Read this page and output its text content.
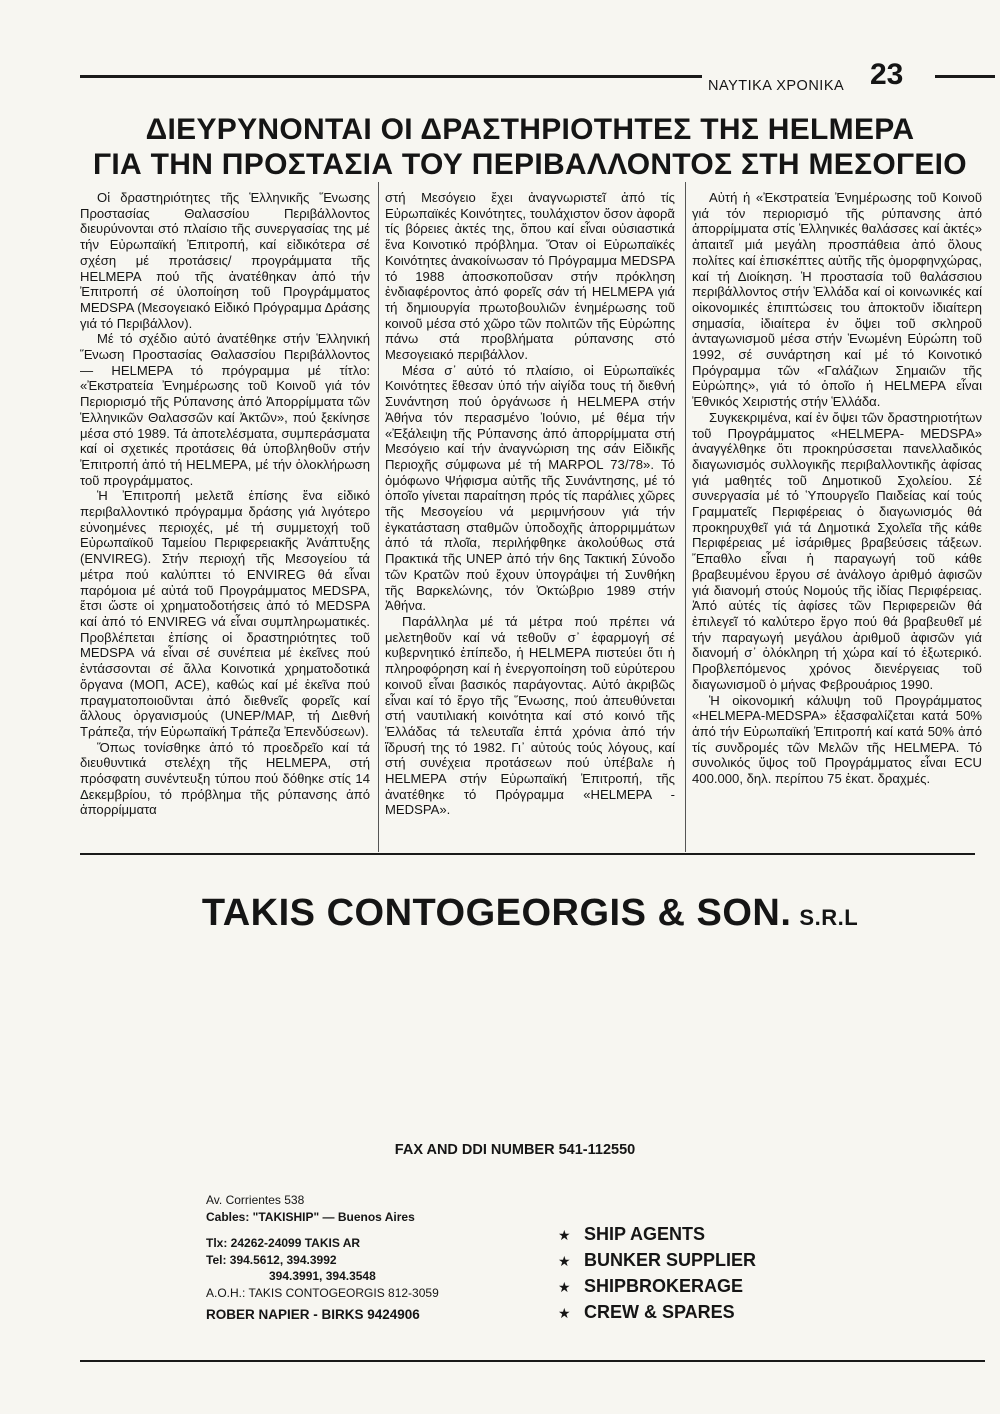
ΝΑΥΤΙΚΑ ΧΡΟΝΙΚΑ 23
ΔΙΕΥΡΥΝΟΝΤΑΙ ΟΙ ΔΡΑΣΤΗΡΙΟΤΗΤΕΣ ΤΗΣ HELMEPA
ΓΙΑ ΤΗΝ ΠΡΟΣΤΑΣΙΑ ΤΟΥ ΠΕΡΙΒΑΛΛΟΝΤΟΣ ΣΤΗ ΜΕΣΟΓΕΙΟ

Οἱ δραστηριότητες τῆς Ἑλληνικῆς Ἕνωσης Προστασίας Θαλασσίου Περιβάλλοντος διευρύνονται στό πλαίσιο τῆς συνεργασίας της μέ τήν Εὐρωπαϊκή Ἐπιτροπή, καί εἰδικότερα σέ σχέση μέ προτάσεις/ προγράμματα τῆς HELMEPA πού τῆς ἀνατέθηκαν ἀπό τήν Ἐπιτροπή σέ ὑλοποίηση τοῦ Προγράμματος MEDSPA (Μεσογειακό Εἰδικό Πρόγραμμα Δράσης γιά τό Περιβάλλον).

Μέ τό σχέδιο αὐτό ἀνατέθηκε στήν Ἑλληνική Ἕνωση Προστασίας Θαλασσίου Περιβάλλοντος — HELMEPA τό πρόγραμμα μέ τίτλο: «Ἐκστρατεία Ἐνημέρωσης τοῦ Κοινοῦ γιά τόν Περιορισμό τῆς Ρύπανσης ἀπό Ἀπορρίμματα τῶν Ἑλληνικῶν Θαλασσῶν καί Ἀκτῶν», πού ξεκίνησε μέσα στό 1989. Τά ἀποτελέσματα, συμπεράσματα καί οἱ σχετικές προτάσεις θά ὑποβληθοῦν στήν Ἐπιτροπή ἀπό τή HELMEPA, μέ τήν ὁλοκλήρωση τοῦ προγράμματος.

Ἡ Ἐπιτροπή μελετᾶ ἐπίσης ἕνα εἰδικό περιβαλλοντικό πρόγραμμα δράσης γιά λιγότερο εὐνοημένες περιοχές, μέ τή συμμετοχή τοῦ Εὐρωπαϊκοῦ Ταμείου Περιφερειακῆς Ἀνάπτυξης (ENVIREG). Στήν περιοχή τῆς Μεσογείου τά μέτρα πού καλύπτει τό ENVIREG θά εἶναι παρόμοια μέ αὐτά τοῦ Προγράμματος MEDSPA, ἔτσι ὥστε οἱ χρηματοδοτήσεις ἀπό τό MEDSPA καί ἀπό τό ENVIREG νά εἶναι συμπληρωματικές. Προβλέπεται ἐπίσης οἱ δραστηριότητες τοῦ MEDSPA νά εἶναι σέ συνέπεια μέ ἐκεῖνες πού ἐντάσσονται σέ ἄλλα Κοινοτικά χρηματοδοτικά ὄργανα (ΜΟΠ, ACE), καθώς καί μέ ἐκεῖνα πού πραγματοποιοῦνται ἀπό διεθνεῖς φορεῖς καί ἄλλους ὀργανισμούς (UNEP/MAP, τή Διεθνή Τράπεζα, τήν Εὐρωπαϊκή Τράπεζα Ἐπενδύσεων).

Ὅπως τονίσθηκε ἀπό τό προεδρεῖο καί τά διευθυντικά στελέχη τῆς HELMEPA, στή πρόσφατη συνέντευξη τύπου πού δόθηκε στίς 14 Δεκεμβρίου, τό πρόβλημα τῆς ρύπανσης ἀπό ἀπορρίμματα

στή Μεσόγειο ἔχει ἀναγνωριστεῖ ἀπό τίς Εὐρωπαϊκές Κοινότητες, τουλάχιστον ὅσον ἀφορᾶ τίς βόρειες ἀκτές της, ὅπου καί εἶναι οὐσιαστικά ἕνα Κοινοτικό πρόβλημα. Ὅταν οἱ Εὐρωπαϊκές Κοινότητες ἀνακοίνωσαν τό Πρόγραμμα MEDSPA τό 1988 ἀποσκοποῦσαν στήν πρόκληση ἐνδιαφέροντος ἀπό φορεῖς σάν τή HELMEPA γιά τή δημιουργία πρωτοβουλιῶν ἐνημέρωσης τοῦ κοινοῦ μέσα στό χῶρο τῶν πολιτῶν τῆς Εὐρώπης πάνω στά προβλήματα ρύπανσης στό Μεσογειακό περιβάλλον.

Μέσα σ᾽ αὐτό τό πλαίσιο, οἱ Εὐρωπαϊκές Κοινότητες ἔθεσαν ὑπό τήν αἰγίδα τους τή διεθνή Συνάντηση πού ὀργάνωσε ἡ HELMEPA στήν Ἀθήνα τόν περασμένο Ἰούνιο, μέ θέμα τήν «Ἐξάλειψη τῆς Ρύπανσης ἀπό ἀπορρίμματα στή Μεσόγειο καί τήν ἀναγνώριση της σάν Εἰδικῆς Περιοχῆς σύμφωνα μέ τή MARPOL 73/78». Τό ὁμόφωνο Ψήφισμα αὐτῆς τῆς Συνάντησης, μέ τό ὁποῖο γίνεται παραίτηση πρός τίς παράλιες χῶρες τῆς Μεσογείου νά μεριμνήσουν γιά τήν ἐγκατάσταση σταθμῶν ὑποδοχῆς ἀπορριμμάτων ἀπό τά πλοῖα, περιλήφθηκε ἀκολούθως στά Πρακτικά τῆς UNEP ἀπό τήν 6ης Τακτική Σύνοδο τῶν Κρατῶν πού ἔχουν ὑπογράψει τή Συνθήκη τῆς Βαρκελώνης, τόν Ὀκτώβριο 1989 στήν Ἀθήνα.

Παράλληλα μέ τά μέτρα πού πρέπει νά μελετηθοῦν καί νά τεθοῦν σ᾽ ἐφαρμογή σέ κυβερνητικό ἐπίπεδο, ἡ HELMEPA πιστεύει ὅτι ἡ πληροφόρηση καί ἡ ἐνεργοποίηση τοῦ εὐρύτερου κοινοῦ εἶναι βασικός παράγοντας. Αὐτό ἀκριβῶς εἶναι καί τό ἔργο τῆς Ἕνωσης, πού ἀπευθύνεται στή ναυτιλιακή κοινότητα καί στό κοινό τῆς Ἑλλάδας τά τελευταῖα ἑπτά χρόνια ἀπό τήν ἵδρυσή της τό 1982. Γι᾽ αὐτούς τούς λόγους, καί στή συνέχεια προτάσεων πού ὑπέβαλε ἡ HELMEPA στήν Εὐρωπαϊκή Ἐπιτροπή, τῆς ἀνατέθηκε τό Πρόγραμμα «HELMEPA - MEDSPA».

Αὐτή ἡ «Ἐκστρατεία Ἐνημέρωσης τοῦ Κοινοῦ γιά τόν περιορισμό τῆς ρύπανσης ἀπό ἀπορρίμματα στίς Ἑλληνικές θαλάσσες καί ἀκτές» ἀπαιτεῖ μιά μεγάλη προσπάθεια ἀπό ὅλους πολίτες καί ἐπισκέπτες αὐτῆς τῆς ὀμορφηνχώρας, καί τή Διοίκηση. Ἡ προστασία τοῦ θαλάσσιου περιβάλλοντος στήν Ἑλλάδα καί οἱ κοινωνικές καί οἰκονομικές ἐπιπτώσεις του ἀποκτοῦν ἰδιαίτερη σημασία, ἰδιαίτερα ἐν ὄψει τοῦ σκληροῦ ἀνταγωνισμοῦ μέσα στήν Ἑνωμένη Εὐρώπη τοῦ 1992, σέ συνάρτηση καί μέ τό Κοινοτικό Πρόγραμμα τῶν «Γαλάζιων Σημαιῶν τῆς Εὐρώπης», γιά τό ὁποῖο ἡ HELMEPA εἶναι Ἐθνικός Χειριστής στήν Ἑλλάδα.

Συγκεκριμένα, καί ἐν ὄψει τῶν δραστηριοτήτων τοῦ Προγράμματος «HELMEPA- MEDSPA» ἀναγγέλθηκε ὅτι προκηρύσσεται πανελλαδικός διαγωνισμός συλλογικῆς περιβαλλοντικῆς ἀφίσας γιά μαθητές τοῦ Δημοτικοῦ Σχολείου. Σέ συνεργασία μέ τό Ὑπουργεῖο Παιδείας καί τούς Γραμματεῖς Περιφέρειας ὁ διαγωνισμός θά προκηρυχθεῖ γιά τά Δημοτικά Σχολεῖα τῆς κάθε Περιφέρειας μέ ἰσάριθμες βραβεύσεις τάξεων. Ἔπαθλο εἶναι ἡ παραγωγή τοῦ κάθε βραβευμένου ἔργου σέ ἀνάλογο ἀριθμό ἀφισῶν γιά διανομή στούς Νομούς τῆς ἰδίας Περιφέρειας. Ἀπό αὐτές τίς ἀφίσες τῶν Περιφερειῶν θά ἐπιλεγεῖ τό καλύτερο ἔργο πού θά βραβευθεῖ μέ τήν παραγωγή μεγάλου ἀριθμοῦ ἀφισῶν γιά διανομή σ᾽ ὁλόκληρη τή χώρα καί τό ἐξωτερικό. Προβλεπόμενος χρόνος διενέργειας τοῦ διαγωνισμοῦ ὁ μήνας Φεβρουάριος 1990.

Ἡ οἰκονομική κάλυψη τοῦ Προγράμματος «HELMEPA-MEDSPA» ἐξασφαλίζεται κατά 50% ἀπό τήν Εὐρωπαϊκή Ἐπιτροπή καί κατά 50% ἀπό τίς συνδρομές τῶν Μελῶν τῆς HELMEPA. Τό συνολικός ὕψος τοῦ Προγράμματος εἶναι ECU 400.000, δηλ. περίπου 75 ἑκατ. δραχμές.

TAKIS CONTOGEORGIS & SON. S.R.L
FAX AND DDI NUMBER 541-112550
Av. Corrientes 538
Cables: "TAKISHIP" — Buenos Aires
Tlx: 24262-24099 TAKIS AR
Tel: 394.5612, 394.3992
394.3991, 394.3548
A.O.H.: TAKIS CONTOGEORGIS 812-3059
ROBER NAPIER - BIRKS 9424906
★ SHIP AGENTS
★ BUNKER SUPPLIER
★ SHIPBROKERAGE
★ CREW & SPARES
